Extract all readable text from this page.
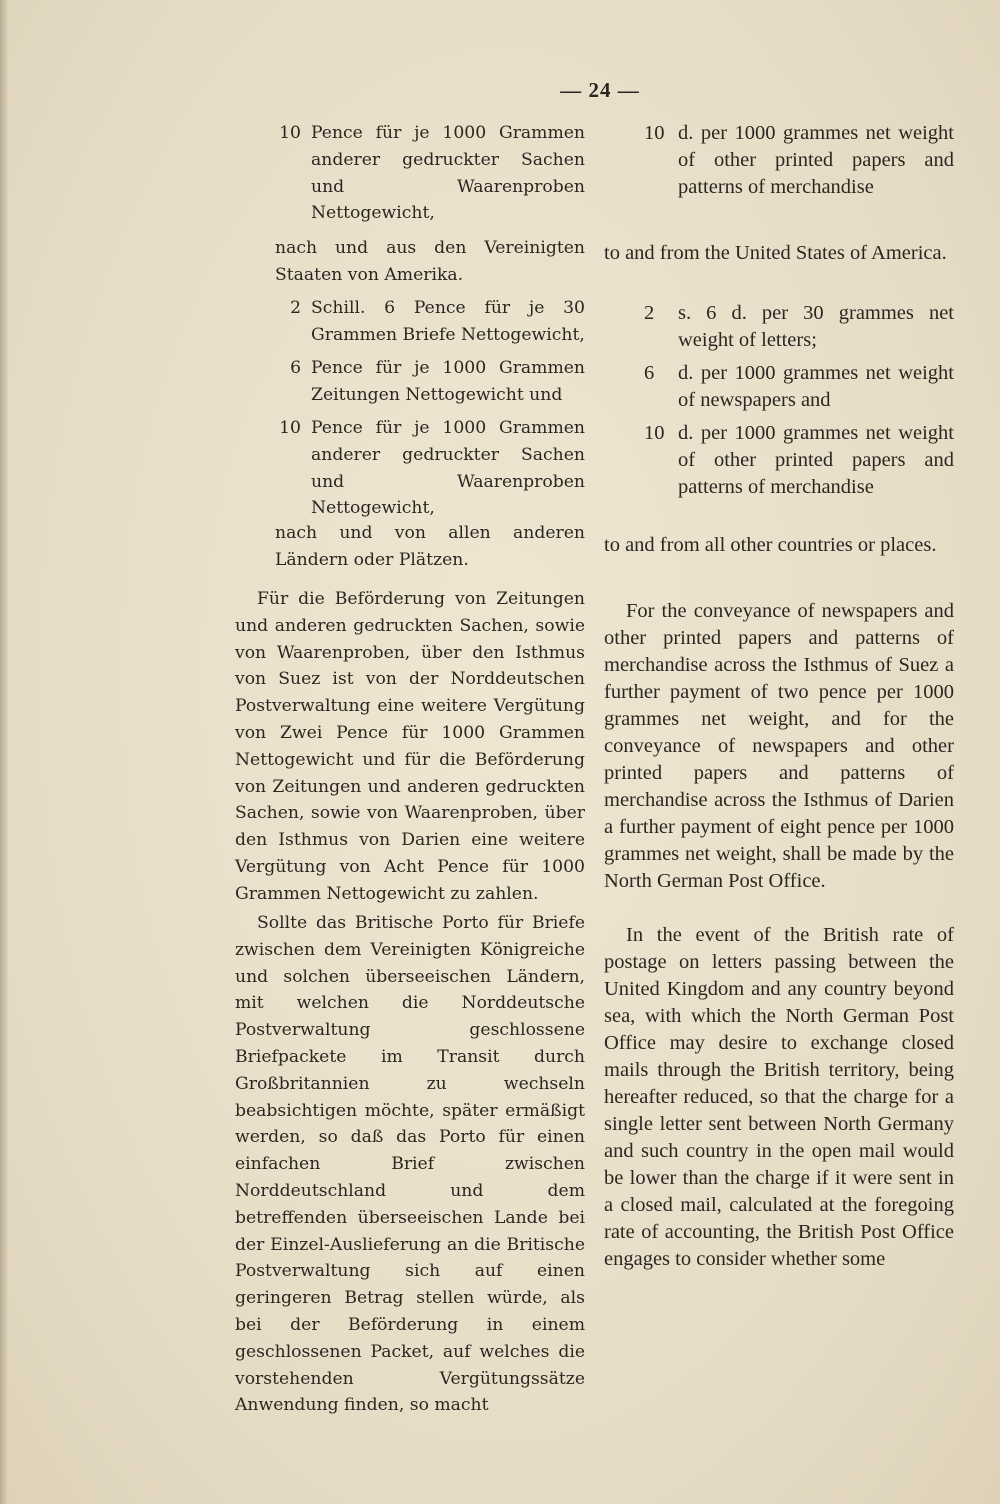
— 24 —
10 Pence für je 1000 Grammen anderer gedruckter Sachen und Waarenproben Nettogewicht,
nach und aus den Vereinigten Staaten von Amerika.
2 Schill. 6 Pence für je 30 Grammen Briefe Nettogewicht,
6 Pence für je 1000 Grammen Zeitungen Nettogewicht und
10 Pence für je 1000 Grammen anderer gedruckter Sachen und Waarenproben Nettogewicht,
nach und von allen anderen Ländern oder Plätzen.
Für die Beförderung von Zeitungen und anderen gedruckten Sachen, sowie von Waarenproben, über den Isthmus von Suez ist von der Norddeutschen Postverwaltung eine weitere Vergütung von Zwei Pence für 1000 Grammen Nettogewicht und für die Beförderung von Zeitungen und anderen gedruckten Sachen, sowie von Waarenproben, über den Isthmus von Darien eine weitere Vergütung von Acht Pence für 1000 Grammen Nettogewicht zu zahlen.
Sollte das Britische Porto für Briefe zwischen dem Vereinigten Königreiche und solchen überseeischen Ländern, mit welchen die Norddeutsche Postverwaltung geschlossene Briefpackete im Transit durch Großbritannien zu wechseln beabsichtigen möchte, später ermäßigt werden, so daß das Porto für einen einfachen Brief zwischen Norddeutschland und dem betreffenden überseeischen Lande bei der Einzel-Auslieferung an die Britische Postverwaltung sich auf einen geringeren Betrag stellen würde, als bei der Beförderung in einem geschlossenen Packet, auf welches die vorstehenden Vergütungssätze Anwendung finden, so macht
10 d. per 1000 grammes net weight of other printed papers and patterns of merchandise
to and from the United States of America.
2	s. 6 d. per 30 grammes net weight of letters;
6	d. per 1000 grammes net weight of newspapers and
10 d. per 1000 grammes net weight of other printed papers and patterns of merchandise
to and from all other countries or places.
For the conveyance of newspapers and other printed papers and patterns of merchandise across the Isthmus of Suez a further payment of two pence per 1000 grammes net weight, and for the conveyance of newspapers and other printed papers and patterns of merchandise across the Isthmus of Darien a further payment of eight pence per 1000 grammes net weight, shall be made by the North German Post Office.
In the event of the British rate of postage on letters passing between the United Kingdom and any country beyond sea, with which the North German Post Office may desire to exchange closed mails through the British territory, being hereafter reduced, so that the charge for a single letter sent between North Germany and such country in the open mail would be lower than the charge if it were sent in a closed mail, calculated at the foregoing rate of accounting, the British Post Office engages to consider whether some
